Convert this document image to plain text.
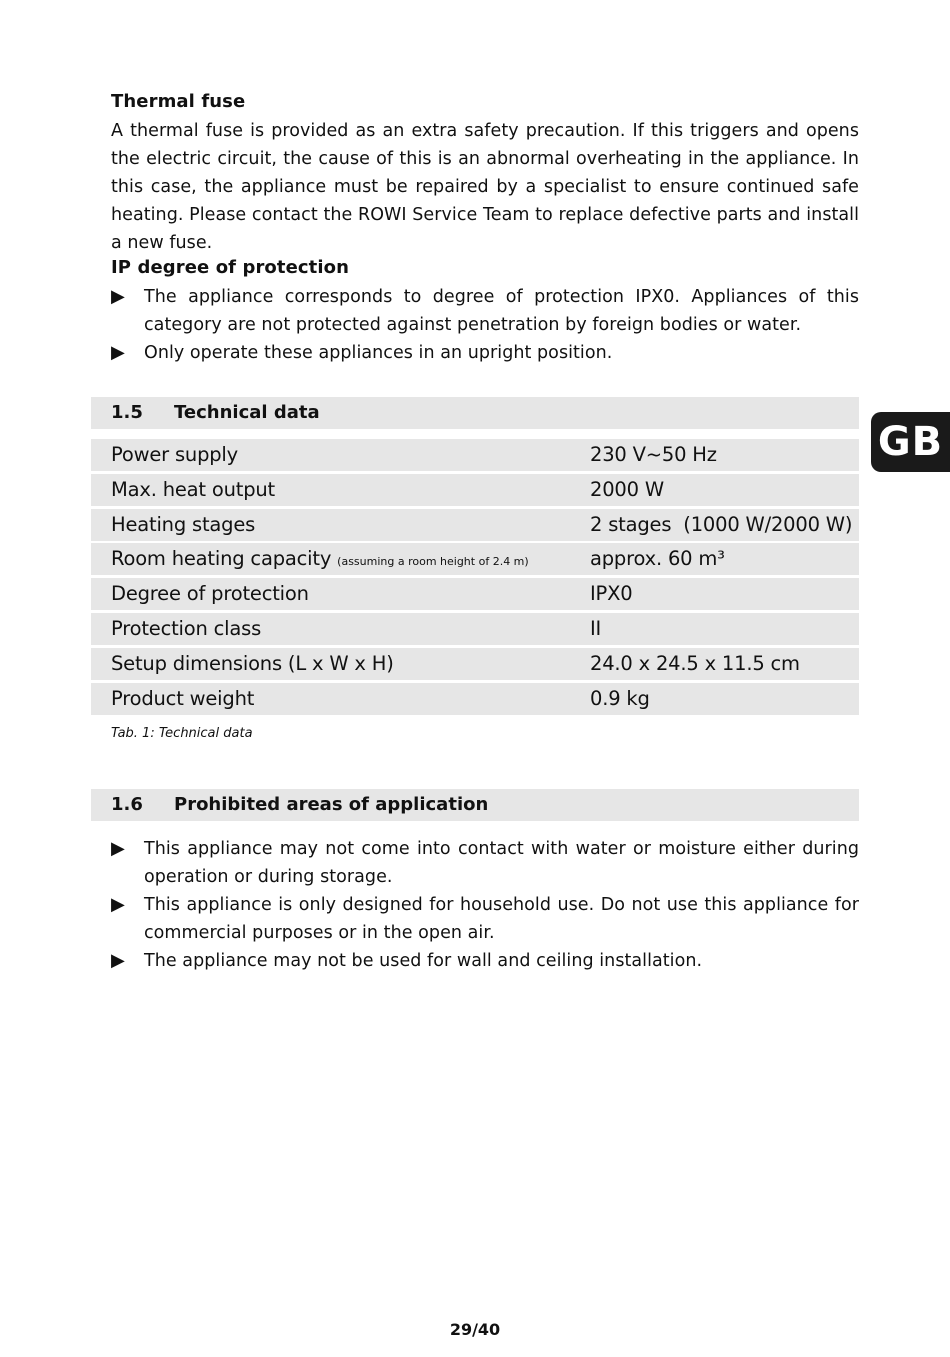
Thermal fuse

A thermal fuse is provided as an extra safety precaution. If this triggers and opens the electric circuit, the cause of this is an abnormal overheating in the appliance. In this case, the appliance must be repaired by a specialist to ensure continued safe heating. Please contact the ROWI Service Team to replace defective parts and install a new fuse.

IP degree of protection
▶ The appliance corresponds to degree of protection IPX0. Appliances of this category are not protected against penetration by foreign bodies or water.
▶ Only operate these appliances in an upright position.
1.5 Technical data
GB
Power supply	230 V~50 Hz
Max. heat output	2000 W
Heating stages	2 stages  (1000 W/2000 W)
Room heating capacity (assuming a room height of 2.4 m)	approx. 60 m³
Degree of protection	IPX0
Protection class	II
Setup dimensions (L x W x H)	24.0 x 24.5 x 11.5 cm
Product weight	0.9 kg

Tab. 1: Technical data

1.6 Prohibited areas of application
▶ This appliance may not come into contact with water or moisture either during operation or during storage.
▶ This appliance is only designed for household use. Do not use this appliance for commercial purposes or in the open air.
▶ The appliance may not be used for wall and ceiling installation.
29/40
